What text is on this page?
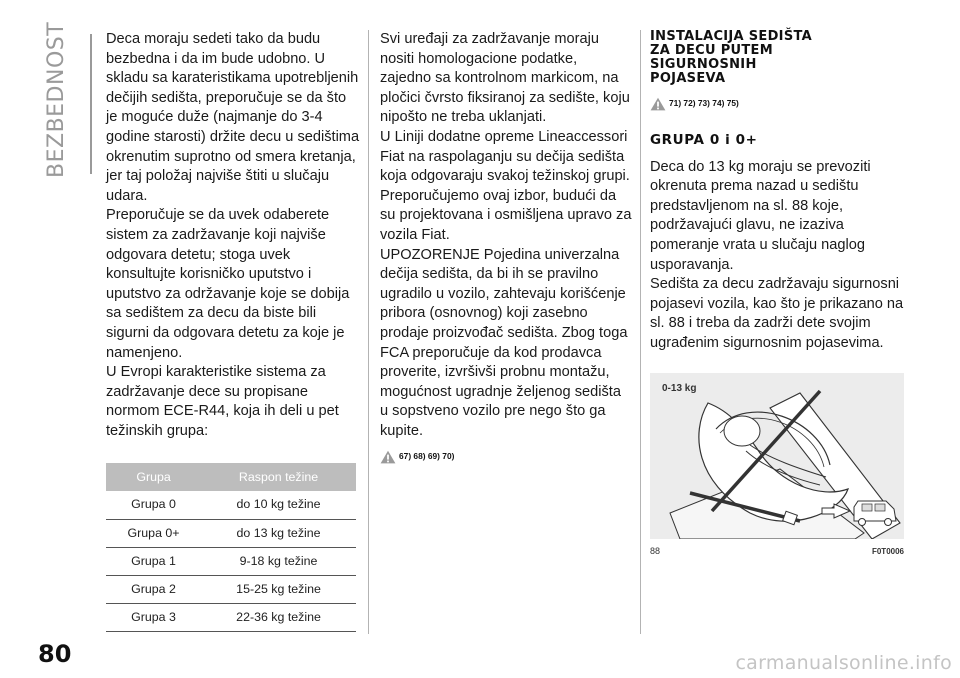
BEZBEDNOST	Deca moraju sedeti tako da budu bezbedna i da im bude udobno. U skladu sa karateristikama upotrebljenih dečijih sedišta, preporučuje se da što je moguće duže (najmanje do 3-4 godine starosti) držite decu u sedištima okrenutim suprotno od smera kretanja, jer taj položaj najviše štiti u slučaju udara.

Preporučuje se da uvek odaberete sistem za zadržavanje koji najviše odgovara detetu; stoga uvek konsultujte korisničko uputstvo i uputstvo za održavanje koje se dobija sa sedištem za decu da biste bili sigurni da odgovara detetu za koje je namenjeno.

U Evropi karakteristike sistema za zadržavanje dece su propisane normom ECE-R44, koja ih deli u pet težinskih grupa:

Grupa	Raspon težine
Grupa 0	do 10 kg težine
Grupa 0+	do 13 kg težine
Grupa 1	9-18 kg težine
Grupa 2	15-25 kg težine
Grupa 3	22-36 kg težine

Svi uređaji za zadržavanje moraju nositi homologacione podatke, zajedno sa kontrolnom markicom, na pločici čvrsto fiksiranoj za sedište, koju nipošto ne treba uklanjati.

U Liniji dodatne opreme Lineaccessori Fiat na raspolaganju su dečija sedišta koja odgovaraju svakoj težinskoj grupi. Preporučujemo ovaj izbor, budući da su projektovana i osmišljena upravo za vozila Fiat.

UPOZORENJE Pojedina univerzalna dečija sedišta, da bi ih se pravilno ugradilo u vozilo, zahtevaju korišćenje pribora (osnovnog) koji zasebno prodaje proizvođač sedišta. Zbog toga FCA preporučuje da kod prodavca proverite, izvršivši probnu montažu, mogućnost ugradnje željenog sedišta u sopstveno vozilo pre nego što ga kupite.

67) 68) 69) 70)
INSTALACIJA SEDIŠTA
ZA DECU PUTEM
SIGURNOSNIH
POJASEVA
71) 72) 73) 74) 75)
GRUPA 0 i 0+

Deca do 13 kg moraju se prevoziti okrenuta prema nazad u sedištu predstavljenom na sl. 88 koje, podržavajući glavu, ne izaziva pomeranje vrata u slučaju naglog usporavanja.

Sedišta za decu zadržavaju sigurnosni pojasevi vozila, kao što je prikazano na sl. 88 i treba da zadrži dete svojim ugrađenim sigurnosnim pojasevima.

0-13 kg
88	F0T0006
80	carmanualsonline.info
